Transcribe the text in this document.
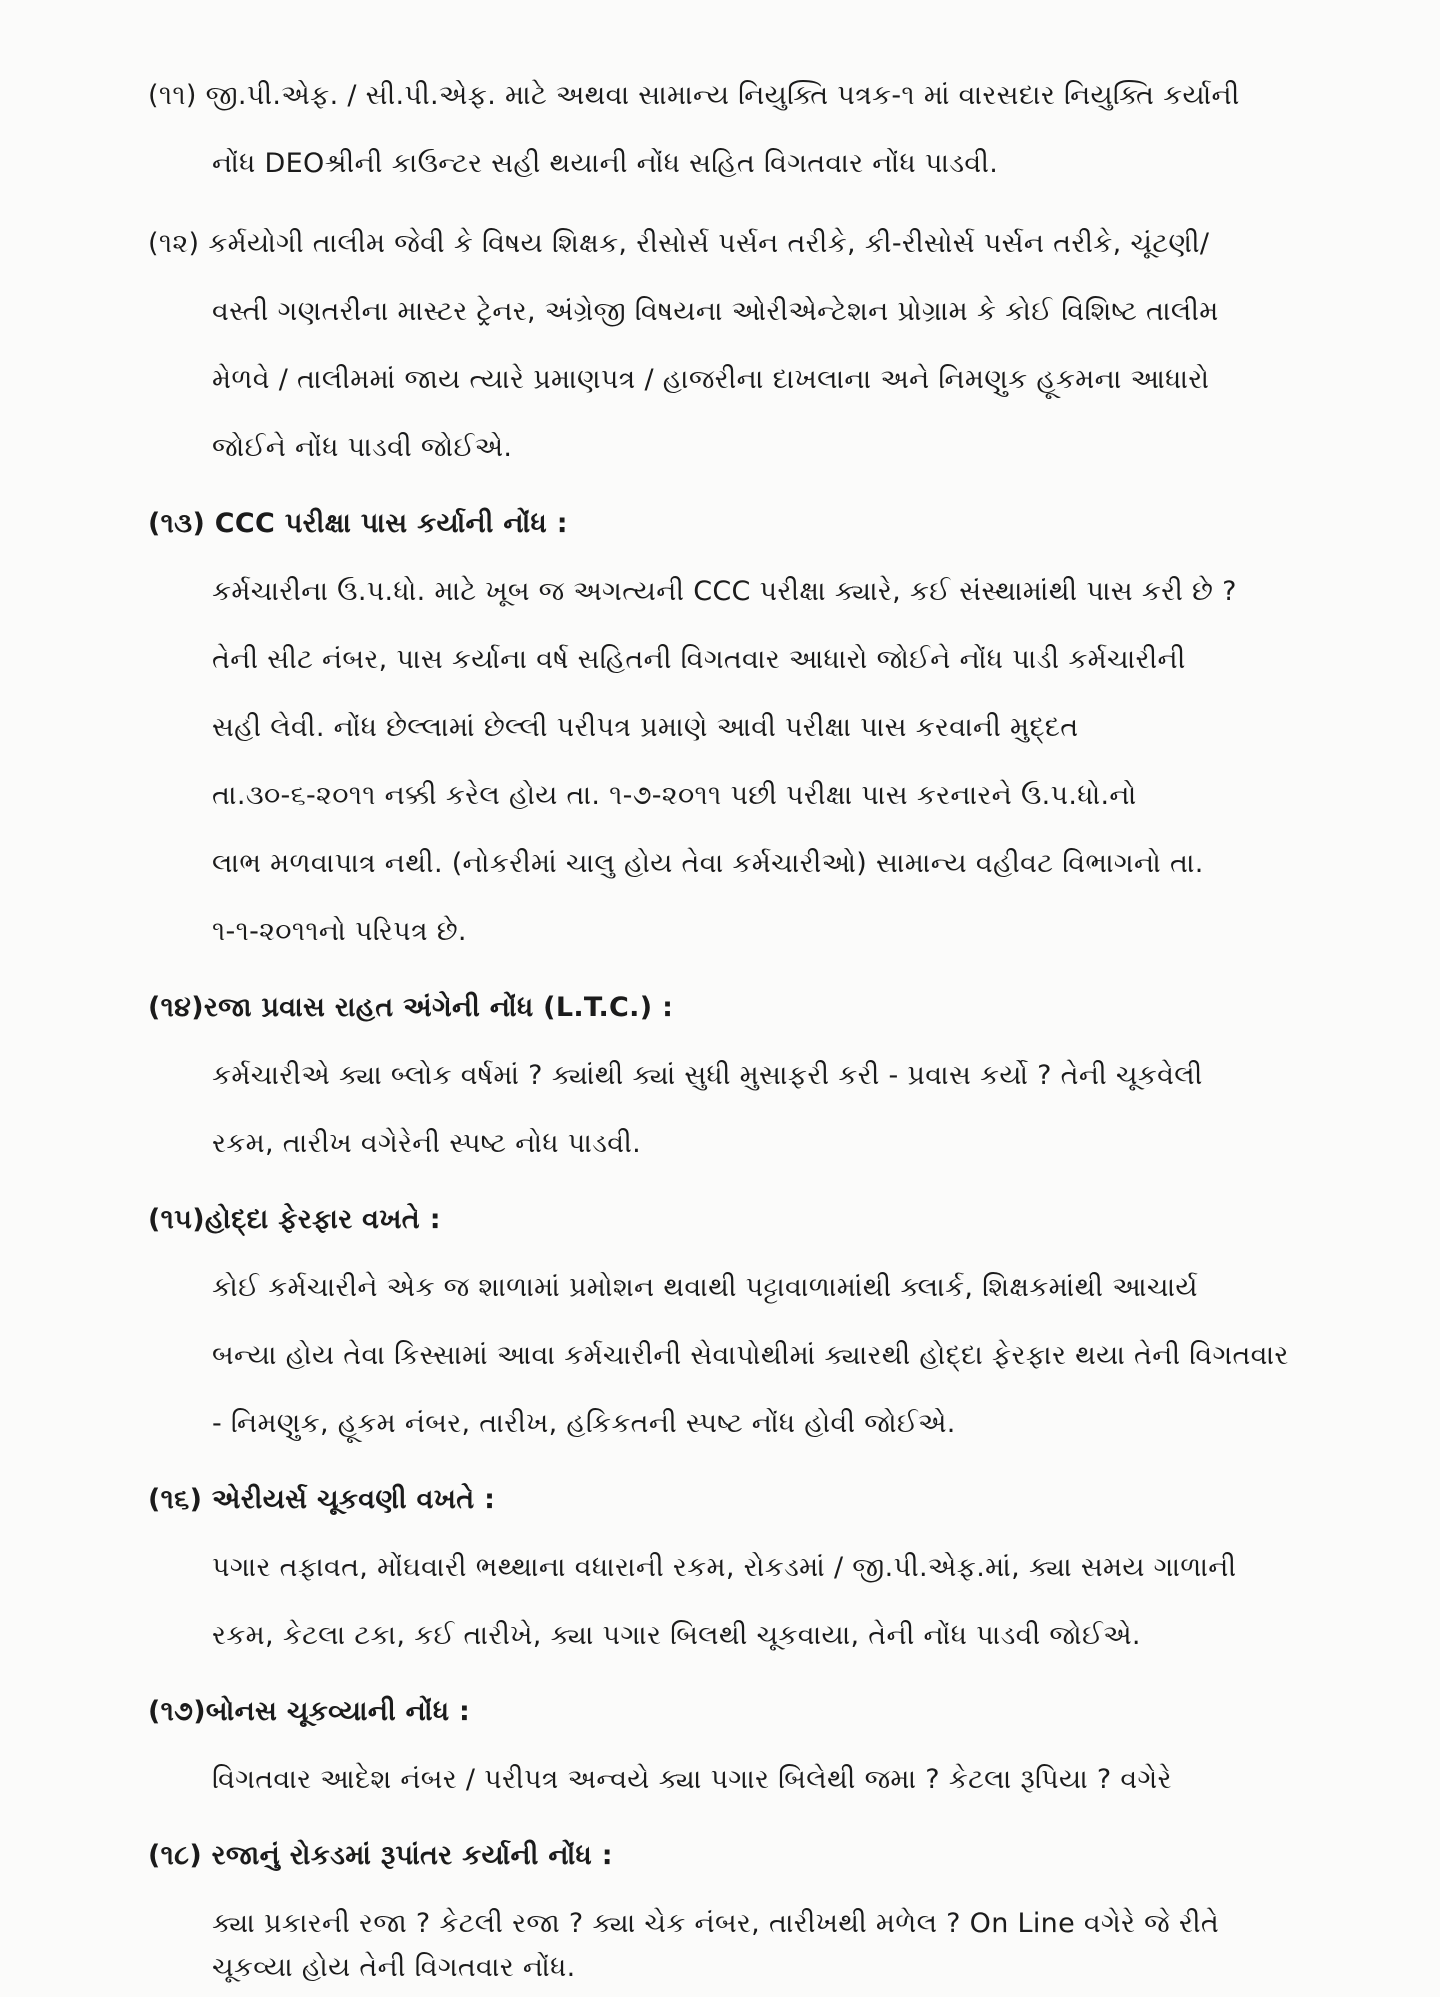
(૧૧) જી.પી.એફ. / સી.પી.એફ. માટે અથવા સામાન્ય નિયુક્તિ પત્રક-૧ માં વારસદાર નિયુક્તિ કર્યાની
નોંધ DEOશ્રીની કાઉન્ટર સહી થયાની નોંધ સહિત વિગતવાર નોંધ પાડવી.
(૧૨) કર્મયોગી તાલીમ જેવી કે વિષય શિક્ષક, રીસોર્સ પર્સન તરીકે, કી-રીસોર્સ પર્સન તરીકે, ચૂંટણી/
વસ્તી ગણતરીના માસ્ટર ટ્રેનર, અંગ્રેજી વિષયના ઓરીએન્ટેશન પ્રોગ્રામ કે કોઈ વિશિષ્ટ તાલીમ
મેળવે / તાલીમમાં જાય ત્યારે પ્રમાણપત્ર / હાજરીના દાખલાના અને નિમણુક હૂકમના આધારો
જોઈને નોંધ પાડવી જોઈએ.
(૧૩) CCC પરીક્ષા પાસ કર્યાની નોંધ :
કર્મચારીના ઉ.પ.ધો. માટે ખૂબ જ અગત્યની CCC પરીક્ષા ક્યારે, કઈ સંસ્થામાંથી પાસ કરી છે ?
તેની સીટ નંબર, પાસ કર્યાના વર્ષ સહિતની વિગતવાર આધારો જોઈને નોંધ પાડી કર્મચારીની
સહી લેવી. નોંધ છેલ્લામાં છેલ્લી પરીપત્ર પ્રમાણે આવી પરીક્ષા પાસ કરવાની મુદ્દત
તા.૩૦-૬-૨૦૧૧ નક્કી કરેલ હોય તા. ૧-૭-૨૦૧૧ પછી પરીક્ષા પાસ કરનારને ઉ.પ.ધો.નો
લાભ મળવાપાત્ર નથી. (નોકરીમાં ચાલુ હોય તેવા કર્મચારીઓ) સામાન્ય વહીવટ વિભાગનો તા.
૧-૧-૨૦૧૧નો પરિપત્ર છે.
(૧૪)રજા પ્રવાસ રાહત અંગેની નોંધ (L.T.C.) :
કર્મચારીએ ક્યા બ્લોક વર્ષમાં ? ક્યાંથી ક્યાં સુધી મુસાફરી કરી - પ્રવાસ કર્યો ? તેની ચૂકવેલી
રકમ, તારીખ વગેરેની સ્પષ્ટ નોધ પાડવી.
(૧૫)હોદ્દા ફેરફાર વખતે :
કોઈ કર્મચારીને એક જ શાળામાં પ્રમોશન થવાથી પટ્ટાવાળામાંથી ક્લાર્ક, શિક્ષકમાંથી આચાર્ય
બન્યા હોય તેવા કિસ્સામાં આવા કર્મચારીની સેવાપોથીમાં ક્યારથી હોદ્દા ફેરફાર થયા તેની વિગતવાર
- નિમણુક, હૂકમ નંબર, તારીખ, હકિકતની સ્પષ્ટ નોંધ હોવી જોઈએ.
(૧૬) એરીયર્સ ચૂકવણી વખતે :
પગાર તફાવત, મોંઘવારી ભથ્થાના વધારાની રકમ, રોકડમાં / જી.પી.એફ.માં, ક્યા સમય ગાળાની
રકમ, કેટલા ટકા, કઈ તારીખે, ક્યા પગાર બિલથી ચૂકવાયા, તેની નોંધ પાડવી જોઈએ.
(૧૭)બોનસ ચૂકવ્યાની નોંધ :
વિગતવાર આદેશ નંબર / પરીપત્ર અન્વયે ક્યા પગાર બિલેથી જમા ? કેટલા રૂપિયા ? વગેરે
(૧૮) રજાનું રોકડમાં રૂપાંતર કર્યાની નોંધ :
ક્યા પ્રકારની રજા ? કેટલી રજા ? ક્યા ચેક નંબર, તારીખથી મળેલ ? On Line વગેરે જે રીતે
ચૂકવ્યા હોય તેની વિગતવાર નોંધ.
